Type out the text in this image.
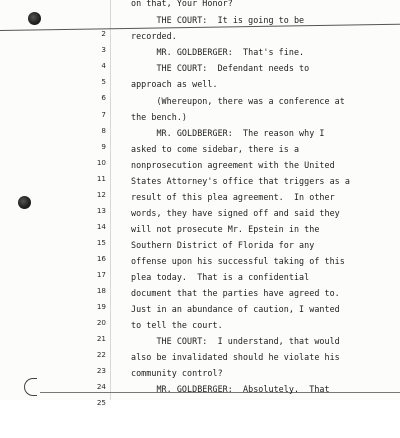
on that, Your Honor?

2

THE COURT:  It is going to be

3

recorded.

4

MR. GOLDBERGER:  That's fine.

5

THE COURT:  Defendant needs to

6

approach as well.

7

(Whereupon, there was a conference at

8

the bench.)

9

MR. GOLDBERGER:  The reason why I

10

asked to come sidebar, there is a

11

nonprosecution agreement with the United

12

States Attorney's office that triggers as a

13

result of this plea agreement.  In other

14

words, they have signed off and said they

15

will not prosecute Mr. Epstein in the

16

Southern District of Florida for any

17

offense upon his successful taking of this

18

plea today.  That is a confidential

19

document that the parties have agreed to.

20

Just in an abundance of caution, I wanted

21

to tell the court.

22

THE COURT:  I understand, that would

23

also be invalidated should he violate his

24

community control?

25

MR. GOLDBERGER:  Absolutely.  That
